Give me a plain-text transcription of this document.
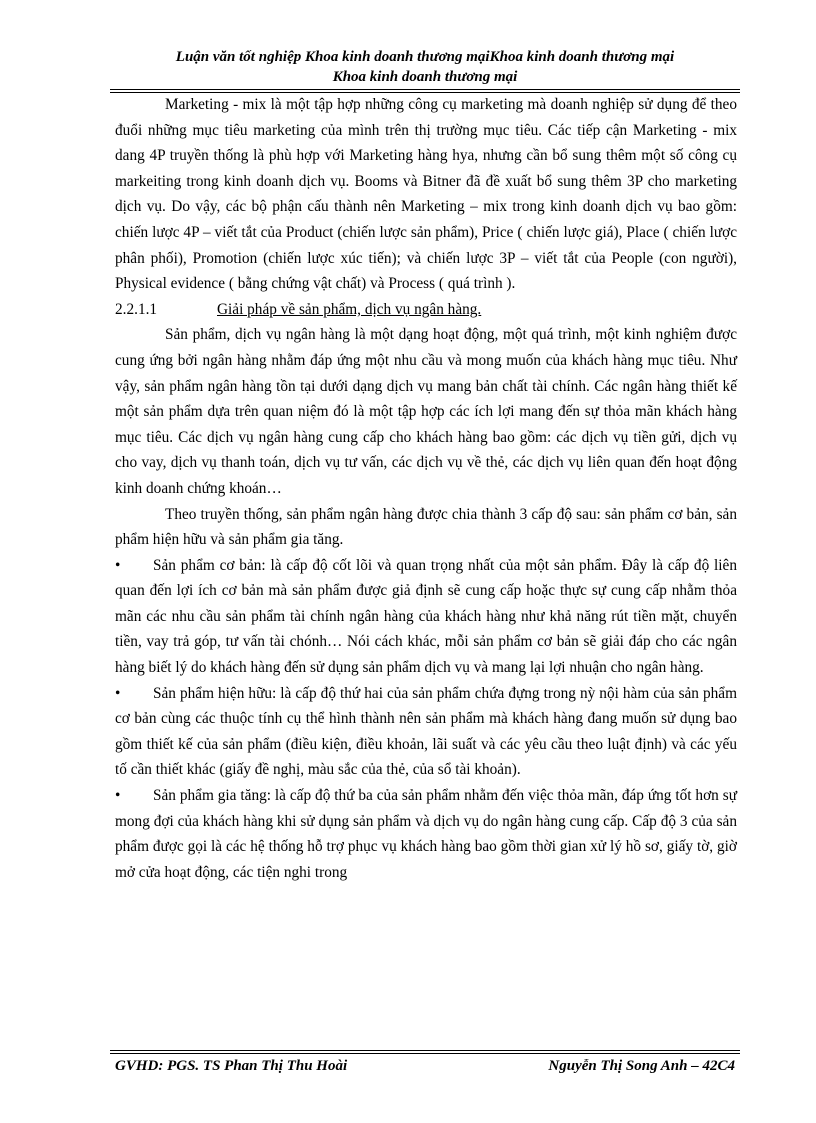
Luận văn tốt nghiệp Khoa kinh doanh thương mạiKhoa kinh doanh thương mại
Khoa kinh doanh thương mại

Marketing - mix là một tập hợp những công cụ marketing mà doanh nghiệp sử dụng để theo đuổi những mục tiêu marketing của mình trên thị trường mục tiêu. Các tiếp cận Marketing - mix dang 4P truyền thống là phù hợp với Marketing hàng hya, nhưng cần bổ sung thêm một số công cụ markeiting trong kinh doanh dịch vụ. Booms và Bitner đã đề xuất bổ sung thêm 3P cho marketing dịch vụ. Do vậy, các bộ phận cấu thành nên Marketing – mix trong kinh doanh dịch vụ bao gồm: chiến lược 4P – viết tắt của Product (chiến lược sản phẩm), Price ( chiến lược giá), Place ( chiến lược phân phối), Promotion (chiến lược xúc tiến); và chiến lược 3P – viết tắt của People (con người), Physical evidence ( bằng chứng vật chất) và Process ( quá trình ).

2.2.1.1	Giải pháp về sản phẩm, dịch vụ ngân hàng.

Sản phẩm, dịch vụ ngân hàng là một dạng hoạt động, một quá trình, một kinh nghiệm được cung ứng bởi ngân hàng nhằm đáp ứng một nhu cầu và mong muốn của khách hàng mục tiêu. Như vậy, sản phẩm ngân hàng tồn tại dưới dạng dịch vụ mang bản chất tài chính. Các ngân hàng thiết kế một sản phẩm dựa trên quan niệm đó là một tập hợp các ích lợi mang đến sự thỏa mãn khách hàng mục tiêu. Các dịch vụ ngân hàng cung cấp cho khách hàng bao gồm: các dịch vụ tiền gửi, dịch vụ cho vay, dịch vụ thanh toán, dịch vụ tư vấn, các dịch vụ về thẻ, các dịch vụ liên quan đến hoạt động kinh doanh chứng khoán…

Theo truyền thống, sản phẩm ngân hàng được chia thành 3 cấp độ sau: sản phẩm cơ bản, sản phẩm hiện hữu và sản phẩm gia tăng.

• Sản phẩm cơ bản: là cấp độ cốt lõi và quan trọng nhất của một sản phẩm. Đây là cấp độ liên quan đến lợi ích cơ bản mà sản phẩm được giả định sẽ cung cấp hoặc thực sự cung cấp nhằm thỏa mãn các nhu cầu sản phẩm tài chính ngân hàng của khách hàng như khả năng rút tiền mặt, chuyển tiền, vay trả góp, tư vấn tài chónh… Nói cách khác, mỗi sản phẩm cơ bản sẽ giải đáp cho các ngân hàng biết lý do khách hàng đến sử dụng sản phẩm dịch vụ và mang lại lợi nhuận cho ngân hàng.

• Sản phẩm hiện hữu: là cấp độ thứ hai của sản phẩm chứa đựng trong nỳ nội hàm của sản phẩm cơ bản cùng các thuộc tính cụ thể hình thành nên sản phẩm mà khách hàng đang muốn sử dụng bao gồm thiết kế của sản phẩm (điều kiện, điều khoản, lãi suất và các yêu cầu theo luật định) và các yếu tố cần thiết khác (giấy đề nghị, màu sắc của thẻ, của sổ tài khoản).

• Sản phẩm gia tăng: là cấp độ thứ ba của sản phẩm nhằm đến việc thỏa mãn, đáp ứng tốt hơn sự mong đợi của khách hàng khi sử dụng sản phẩm và dịch vụ do ngân hàng cung cấp. Cấp độ 3 của sản phẩm được gọi là các hệ thống hỗ trợ phục vụ khách hàng bao gồm thời gian xử lý hồ sơ, giấy tờ, giờ mở cửa hoạt động, các tiện nghi trong

GVHD: PGS. TS Phan Thị Thu Hoài	Nguyễn Thị Song Anh – 42C4
